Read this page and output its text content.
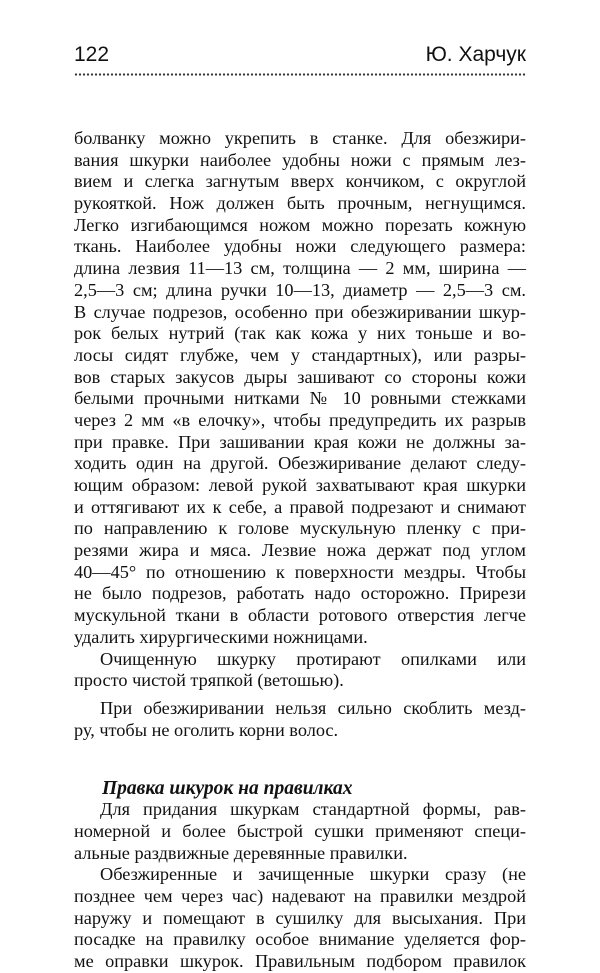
122	Ю. Харчук
болванку можно укрепить в станке. Для обезжири-
вания шкурки наиболее удобны ножи с прямым лез-
вием и слегка загнутым вверх кончиком, с округлой
рукояткой. Нож должен быть прочным, негнущимся.
Легко изгибающимся ножом можно порезать кожную
ткань. Наиболее удобны ножи следующего размера:
длина лезвия 11—13 см, толщина — 2 мм, ширина —
2,5—3 см; длина ручки 10—13, диаметр — 2,5—3 см.
В случае подрезов, особенно при обезжиривании шкур-
рок белых нутрий (так как кожа у них тоньше и во-
лосы сидят глубже, чем у стандартных), или разры-
вов старых закусов дыры зашивают со стороны кожи
белыми прочными нитками № 10 ровными стежками
через 2 мм «в елочку», чтобы предупредить их разрыв
при правке. При зашивании края кожи не должны за-
ходить один на другой. Обезжиривание делают следу-
ющим образом: левой рукой захватывают края шкурки
и оттягивают их к себе, а правой подрезают и снимают
по направлению к голове мускульную пленку с при-
резями жира и мяса. Лезвие ножа держат под углом
40—45° по отношению к поверхности мездры. Чтобы
не было подрезов, работать надо осторожно. Прирези
мускульной ткани в области ротового отверстия легче
удалить хирургическими ножницами.
Очищенную шкурку протирают опилками или
просто чистой тряпкой (ветошью).
При обезжиривании нельзя сильно скоблить мезд-
ру, чтобы не оголить корни волос.
Правка шкурок на правилках
Для придания шкуркам стандартной формы, рав-
номерной и более быстрой сушки применяют специ-
альные раздвижные деревянные правилки.
Обезжиренные и зачищенные шкурки сразу (не
позднее чем через час) надевают на правилки мездрой
наружу и помещают в сушилку для высыхания. При
посадке на правилку особое внимание уделяется фор-
ме оправки шкурок. Правильным подбором правилок
